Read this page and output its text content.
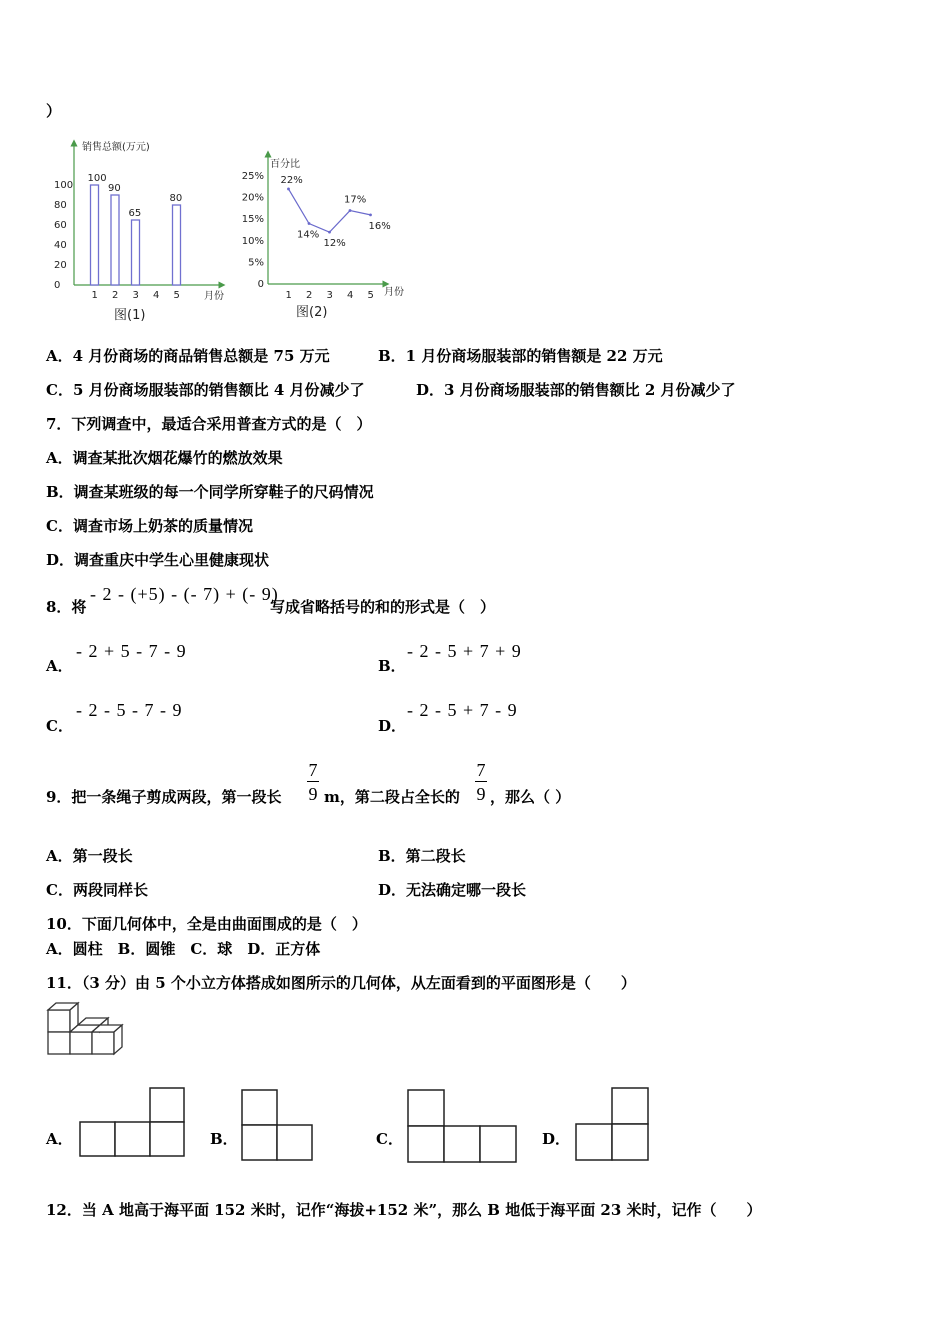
）
销售总额(万元)
月份
100
80
60
40
20
0
1 2 3 4 5
100
90
65
80
图(1)
百分比
月份
25%
20%
15%
10%
5%
0
1 2 3 4 5
22%
14%
12%
17%
16%
图(2)
A．4 月份商场的商品销售总额是 75 万元	B．1 月份商场服装部的销售额是 22 万元
C．5 月份商场服装部的销售额比 4 月份减少了	D．3 月份商场服装部的销售额比 2 月份减少了
7．下列调查中，最适合采用普查方式的是（　）
A．调查某批次烟花爆竹的燃放效果
B．调查某班级的每一个同学所穿鞋子的尺码情况
C．调查市场上奶茶的质量情况
D．调查重庆中学生心里健康现状
8．将
- 2 - (+5) - (- 7) + (- 9)
写成省略括号的和的形式是（　）
A．
- 2 + 5 - 7 - 9
B．
- 2 - 5 + 7 + 9
C．
- 2 - 5 - 7 - 9
D．
- 2 - 5 + 7 - 9
9．把一条绳子剪成两段，第一段长
7
9 m，第二段占全长的
7
9 ，那么（ ）
A．第一段长	B．第二段长
C．两段同样长	D．无法确定哪一段长
10．下面几何体中，全是由曲面围成的是（　）
A．圆柱　B．圆锥　C．球　D．正方体
11．（3 分）由 5 个小立方体搭成如图所示的几何体，从左面看到的平面图形是（　　）
A．	B．	C．	D．
12．当 A 地高于海平面 152 米时，记作“海拔+152 米”，那么 B 地低于海平面 23 米时，记作（　　）
